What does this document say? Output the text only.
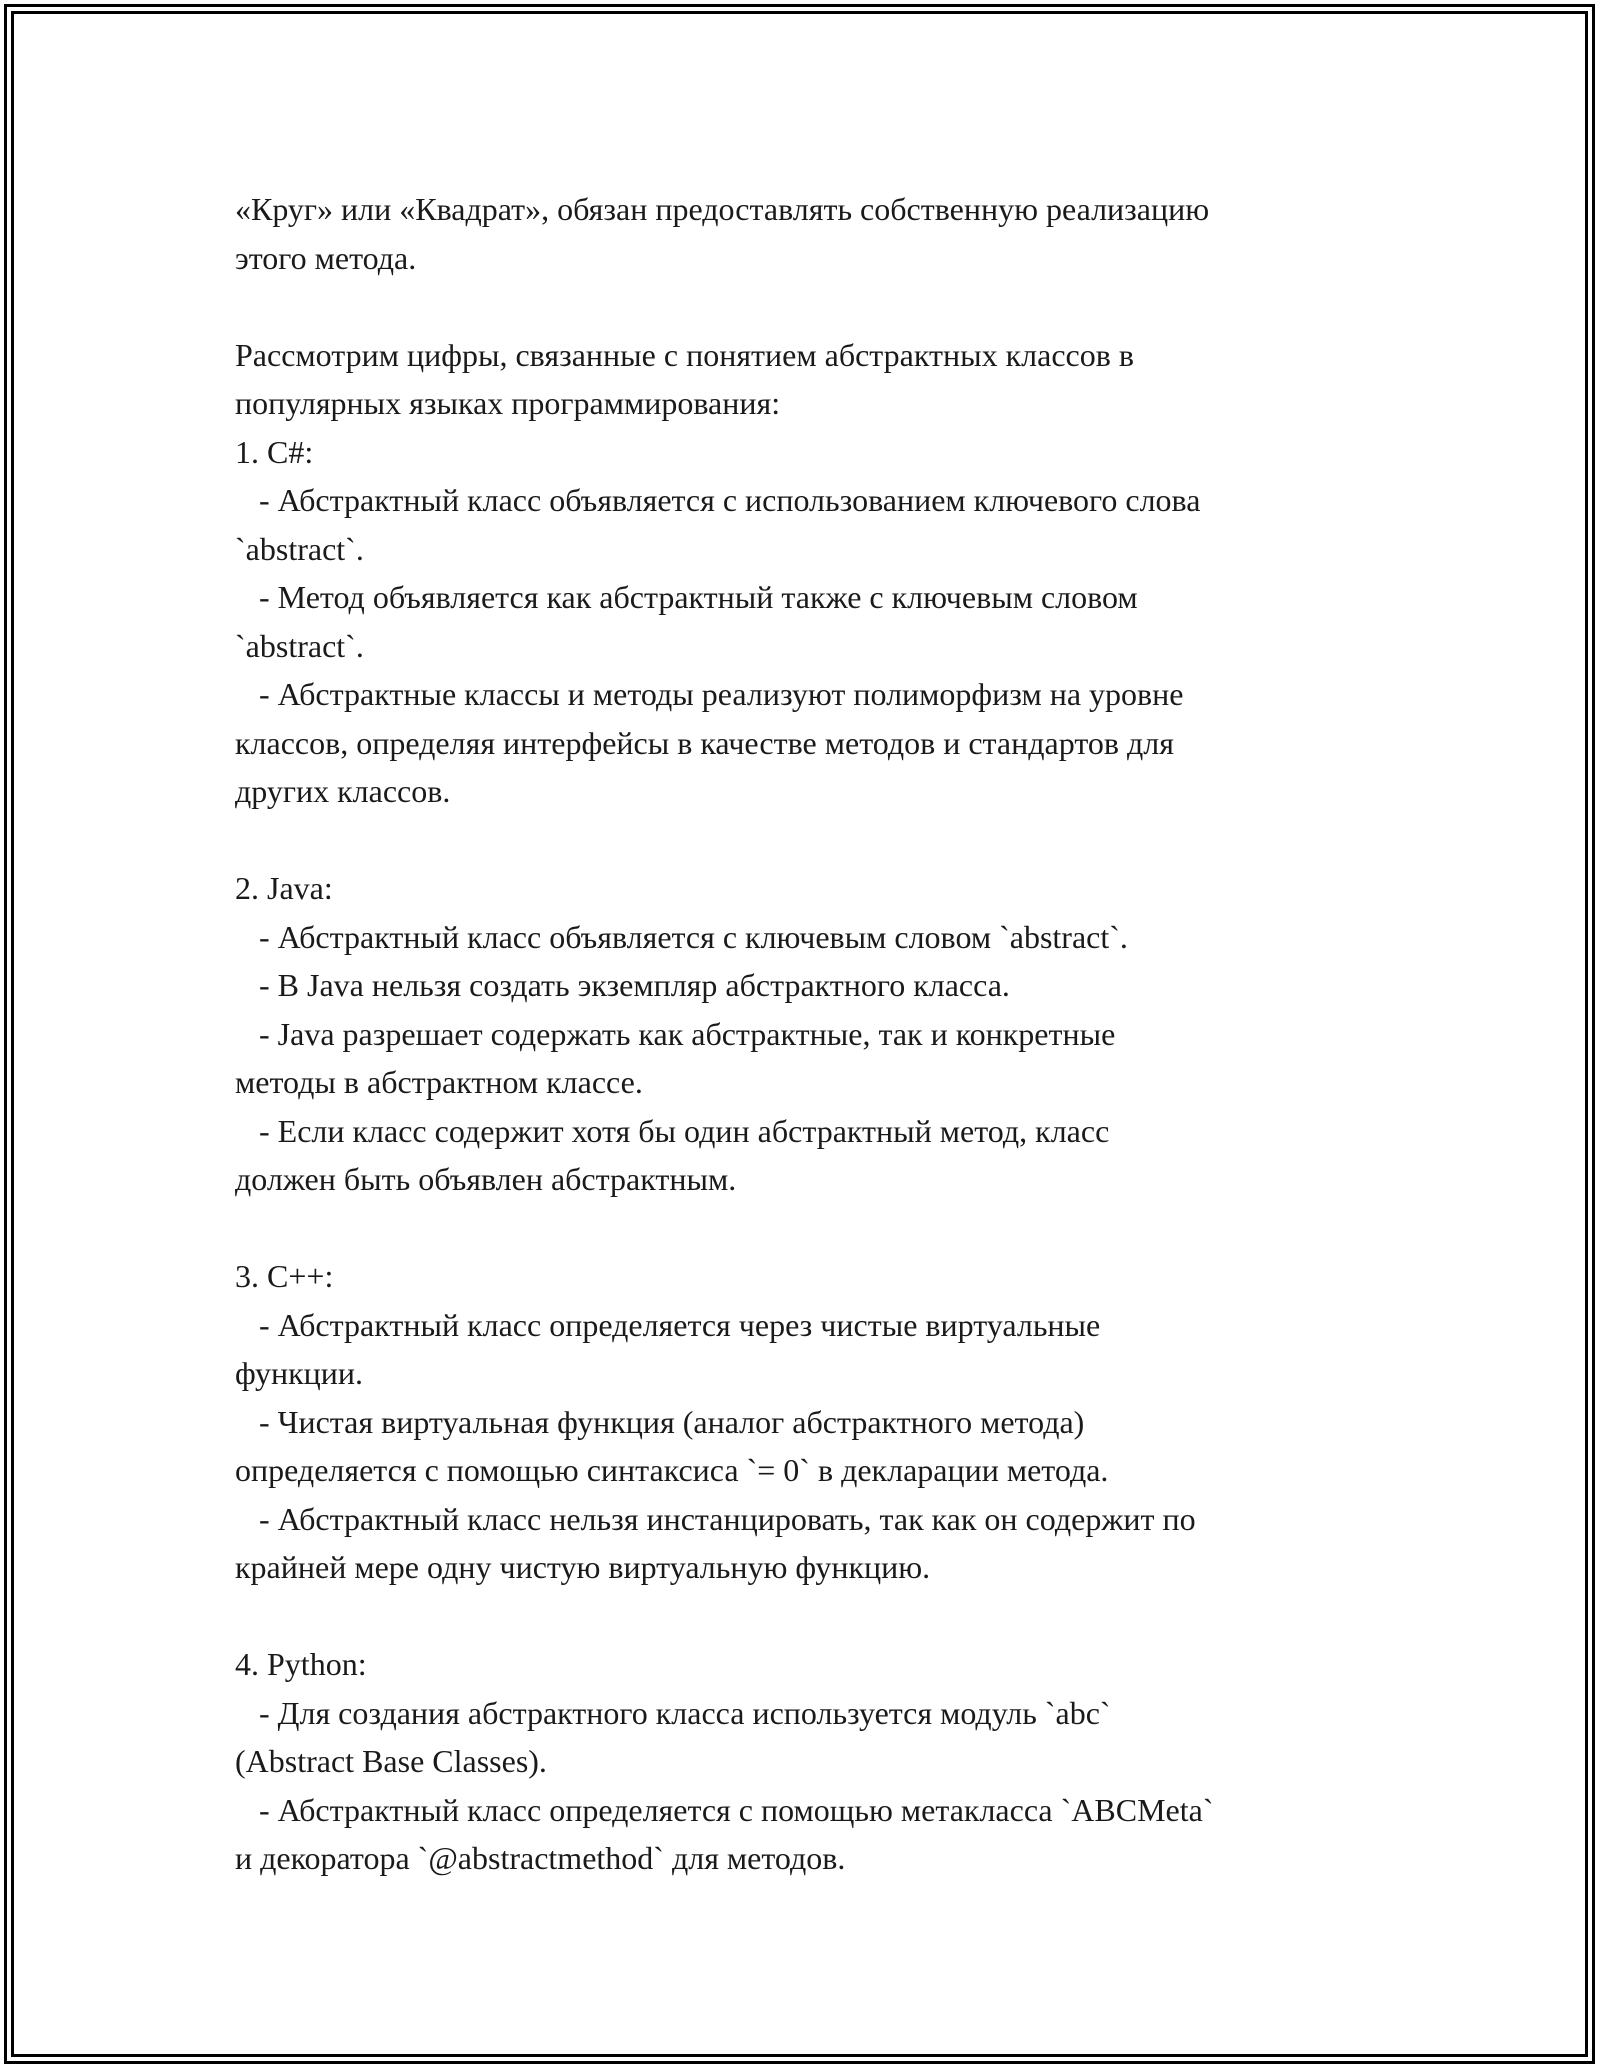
«Круг» или «Квадрат», обязан предоставлять собственную реализацию
этого метода.
Рассмотрим цифры, связанные с понятием абстрактных классов в
популярных языках программирования:
1. C#:
- Абстрактный класс объявляется с использованием ключевого слова
`abstract`.
- Метод объявляется как абстрактный также с ключевым словом
`abstract`.
- Абстрактные классы и методы реализуют полиморфизм на уровне
классов, определяя интерфейсы в качестве методов и стандартов для
других классов.
2. Java:
- Абстрактный класс объявляется с ключевым словом `abstract`.
- В Java нельзя создать экземпляр абстрактного класса.
- Java разрешает содержать как абстрактные, так и конкретные
методы в абстрактном классе.
- Если класс содержит хотя бы один абстрактный метод, класс
должен быть объявлен абстрактным.
3. C++:
- Абстрактный класс определяется через чистые виртуальные
функции.
- Чистая виртуальная функция (аналог абстрактного метода)
определяется с помощью синтаксиса `= 0` в декларации метода.
- Абстрактный класс нельзя инстанцировать, так как он содержит по
крайней мере одну чистую виртуальную функцию.
4. Python:
- Для создания абстрактного класса используется модуль `abc`
(Abstract Base Classes).
- Абстрактный класс определяется с помощью метакласса `ABCMeta`
и декоратора `@abstractmethod` для методов.
